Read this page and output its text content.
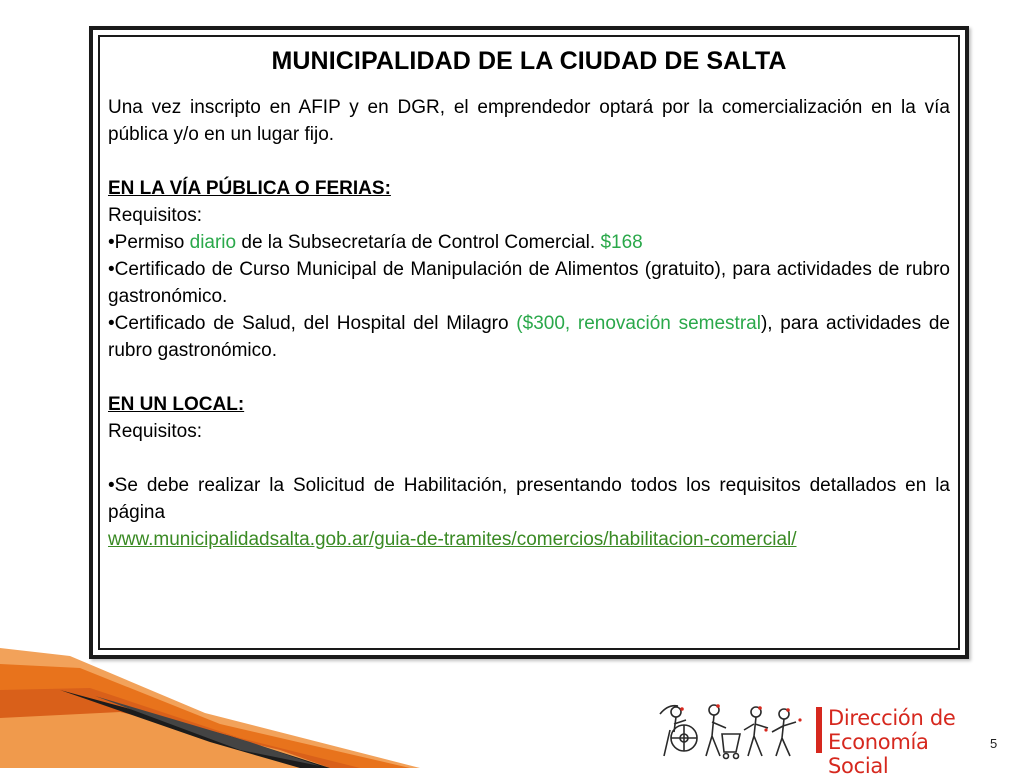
MUNICIPALIDAD DE LA CIUDAD DE SALTA
Una vez inscripto en AFIP y en DGR, el emprendedor optará por la comercialización en la vía pública y/o en un lugar fijo.
EN LA VÍA PÚBLICA O FERIAS:
Requisitos:
•Permiso diario de la Subsecretaría de Control Comercial. $168
•Certificado de Curso Municipal de Manipulación de Alimentos (gratuito), para actividades de rubro gastronómico.
•Certificado de Salud, del Hospital del Milagro ($300, renovación semestral), para actividades de rubro gastronómico.
EN UN LOCAL:
Requisitos:
•Se debe realizar la Solicitud de Habilitación, presentando todos los requisitos detallados en la página
www.municipalidadsalta.gob.ar/guia-de-tramites/comercios/habilitacion-comercial/
Dirección de
Economía Social
5
